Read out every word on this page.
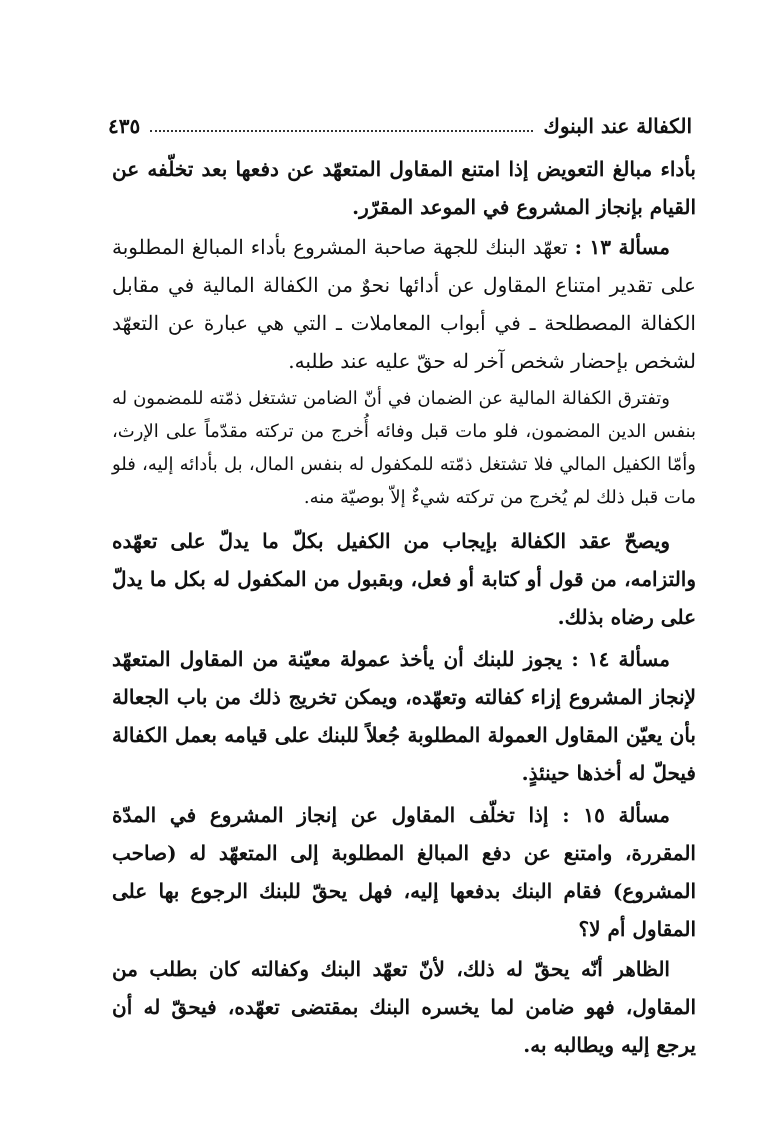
الكفالة عند البنوك
٤٣٥

بأداء مبالغ التعويض إذا امتنع المقاول المتعهّد عن دفعها بعد تخلّفه عن القيام بإنجاز المشروع في الموعد المقرّر.

مسألة ١٣ : تعهّد البنك للجهة صاحبة المشروع بأداء المبالغ المطلوبة على تقدير امتناع المقاول عن أدائها نحوٌ من الكفالة المالية في مقابل الكفالة المصطلحة ـ في أبواب المعاملات ـ التي هي عبارة عن التعهّد لشخص بإحضار شخص آخر له حقّ عليه عند طلبه.

وتفترق الكفالة المالية عن الضمان في أنّ الضامن تشتغل ذمّته للمضمون له بنفس الدين المضمون، فلو مات قبل وفائه أُخرج من تركته مقدّماً على الإرث، وأمّا الكفيل المالي فلا تشتغل ذمّته للمكفول له بنفس المال، بل بأدائه إليه، فلو مات قبل ذلك لم يُخرج من تركته شيءٌ إلاّ بوصيّة منه.

ويصحّ عقد الكفالة بإيجاب من الكفيل بكلّ ما يدلّ على تعهّده والتزامه، من قول أو كتابة أو فعل، وبقبول من المكفول له بكل ما يدلّ على رضاه بذلك.

مسألة ١٤ : يجوز للبنك أن يأخذ عمولة معيّنة من المقاول المتعهّد لإنجاز المشروع إزاء كفالته وتعهّده، ويمكن تخريج ذلك من باب الجعالة بأن يعيّن المقاول العمولة المطلوبة جُعلاً للبنك على قيامه بعمل الكفالة فيحلّ له أخذها حينئذٍ.

مسألة ١٥ : إذا تخلّف المقاول عن إنجاز المشروع في المدّة المقررة، وامتنع عن دفع المبالغ المطلوبة إلى المتعهّد له (صاحب المشروع) فقام البنك بدفعها إليه، فهل يحقّ للبنك الرجوع بها على المقاول أم لا؟

الظاهر أنّه يحقّ له ذلك، لأنّ تعهّد البنك وكفالته كان بطلب من المقاول، فهو ضامن لما يخسره البنك بمقتضى تعهّده، فيحقّ له أن يرجع إليه ويطالبه به.
